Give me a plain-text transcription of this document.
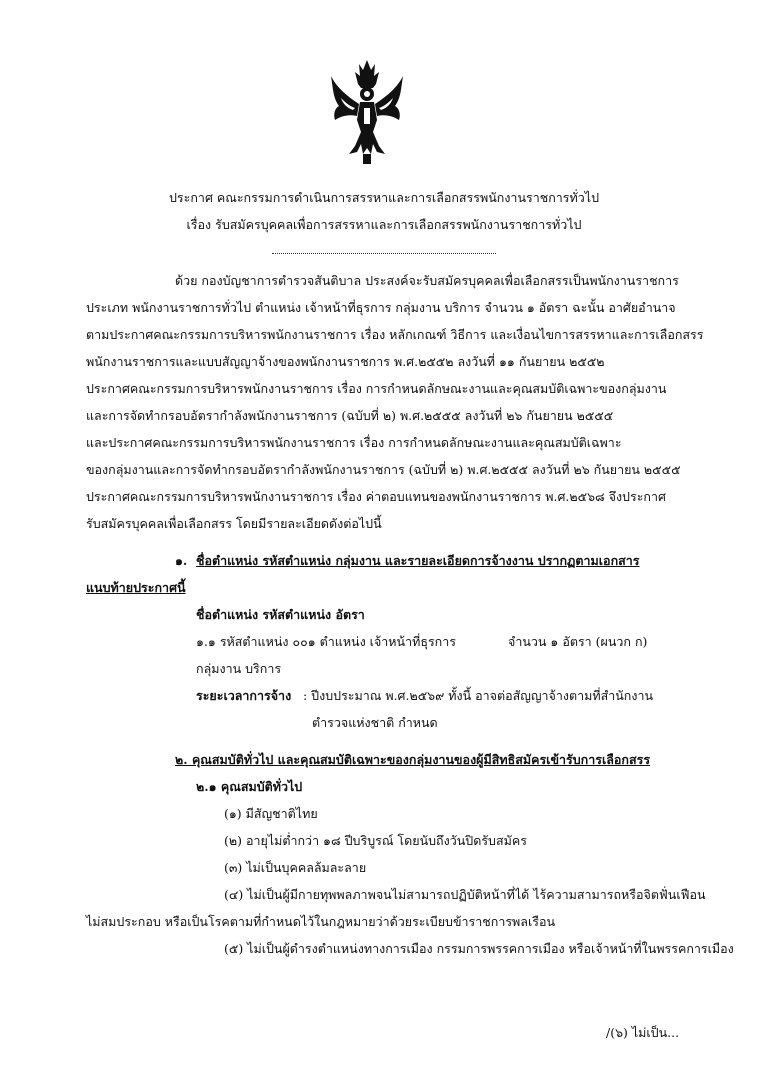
ประกาศ คณะกรรมการดำเนินการสรรหาและการเลือกสรรพนักงานราชการทั่วไป
เรื่อง รับสมัครบุคคลเพื่อการสรรหาและการเลือกสรรพนักงานราชการทั่วไป
ด้วย กองบัญชาการตำรวจสันติบาล ประสงค์จะรับสมัครบุคคลเพื่อเลือกสรรเป็นพนักงานราชการ
ประเภท พนักงานราชการทั่วไป ตำแหน่ง เจ้าหน้าที่ธุรการ กลุ่มงาน บริการ จำนวน ๑ อัตรา ฉะนั้น อาศัยอำนาจ
ตามประกาศคณะกรรมการบริหารพนักงานราชการ เรื่อง หลักเกณฑ์ วิธีการ และเงื่อนไขการสรรหาและการเลือกสรร
พนักงานราชการและแบบสัญญาจ้างของพนักงานราชการ พ.ศ.๒๕๕๒ ลงวันที่ ๑๑ กันยายน ๒๕๕๒
ประกาศคณะกรรมการบริหารพนักงานราชการ เรื่อง การกำหนดลักษณะงานและคุณสมบัติเฉพาะของกลุ่มงาน
และการจัดทำกรอบอัตรากำลังพนักงานราชการ (ฉบับที่ ๒) พ.ศ.๒๕๕๕ ลงวันที่ ๒๖ กันยายน ๒๕๕๕
และประกาศคณะกรรมการบริหารพนักงานราชการ เรื่อง การกำหนดลักษณะงานและคุณสมบัติเฉพาะ
ของกลุ่มงานและการจัดทำกรอบอัตรากำลังพนักงานราชการ (ฉบับที่ ๒) พ.ศ.๒๕๕๕ ลงวันที่ ๒๖ กันยายน ๒๕๕๕
ประกาศคณะกรรมการบริหารพนักงานราชการ เรื่อง ค่าตอบแทนของพนักงานราชการ พ.ศ.๒๕๖๘ จึงประกาศ
รับสมัครบุคคลเพื่อเลือกสรร โดยมีรายละเอียดดังต่อไปนี้
๑. ชื่อตำแหน่ง รหัสตำแหน่ง กลุ่มงาน และรายละเอียดการจ้างงาน ปรากฏตามเอกสาร
แนบท้ายประกาศนี้
ชื่อตำแหน่ง รหัสตำแหน่ง อัตรา
๑.๑ รหัสตำแหน่ง ๐๐๑ ตำแหน่ง เจ้าหน้าที่ธุรการ	จำนวน ๑ อัตรา (ผนวก ก)
กลุ่มงาน บริการ
ระยะเวลาการจ้าง : ปีงบประมาณ พ.ศ.๒๕๖๙ ทั้งนี้ อาจต่อสัญญาจ้างตามที่สำนักงาน
ตำรวจแห่งชาติ กำหนด
๒. คุณสมบัติทั่วไป และคุณสมบัติเฉพาะของกลุ่มงานของผู้มีสิทธิสมัครเข้ารับการเลือกสรร
๒.๑ คุณสมบัติทั่วไป
(๑) มีสัญชาติไทย
(๒) อายุไม่ต่ำกว่า ๑๘ ปีบริบูรณ์ โดยนับถึงวันปิดรับสมัคร
(๓) ไม่เป็นบุคคลล้มละลาย
(๔) ไม่เป็นผู้มีกายทุพพลภาพจนไม่สามารถปฏิบัติหน้าที่ได้ ไร้ความสามารถหรือจิตฟั่นเฟือน
ไม่สมประกอบ หรือเป็นโรคตามที่กำหนดไว้ในกฎหมายว่าด้วยระเบียบข้าราชการพลเรือน
(๕) ไม่เป็นผู้ดำรงตำแหน่งทางการเมือง กรรมการพรรคการเมือง หรือเจ้าหน้าที่ในพรรคการเมือง
/(๖) ไม่เป็น...
